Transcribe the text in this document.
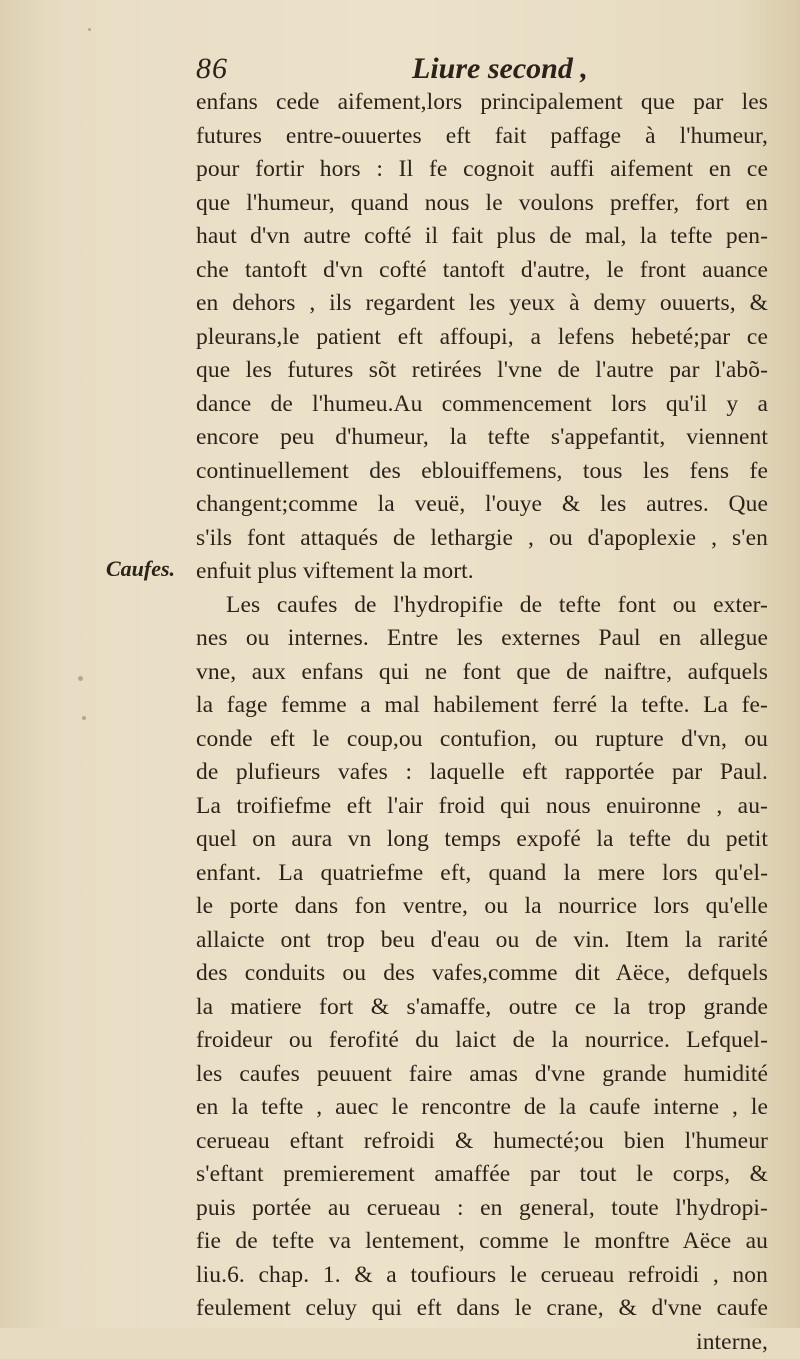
86	Liure second ,
Caufes.
enfans cede aifement,lors principalement que par les
futures entre-ouuertes eft fait paffage à l'humeur,
pour fortir hors : Il fe cognoit auffi aifement en ce
que l'humeur, quand nous le voulons preffer, fort en
haut d'vn autre cofté il fait plus de mal, la tefte pen-
che tantoft d'vn cofté tantoft d'autre, le front auance
en dehors , ils regardent les yeux à demy ouuerts, &
pleurans,le patient eft affoupi, a lefens hebeté;par ce
que les futures sõt retirées l'vne de l'autre par l'abõ-
dance de l'humeu.Au commencement lors qu'il y a
encore peu d'humeur, la tefte s'appefantit, viennent
continuellement des eblouiffemens, tous les fens fe
changent;comme la veuë, l'ouye & les autres. Que
s'ils font attaqués de lethargie , ou d'apoplexie , s'en
enfuit plus viftement la mort.
Les caufes de l'hydropifie de tefte font ou exter-
nes ou internes. Entre les externes Paul en allegue
vne, aux enfans qui ne font que de naiftre, aufquels
la fage femme a mal habilement ferré la tefte. La fe-
conde eft le coup,ou contufion, ou rupture d'vn, ou
de plufieurs vafes : laquelle eft rapportée par Paul.
La troifiefme eft l'air froid qui nous enuironne , au-
quel on aura vn long temps expofé la tefte du petit
enfant. La quatriefme eft, quand la mere lors qu'el-
le porte dans fon ventre, ou la nourrice lors qu'elle
allaicte ont trop beu d'eau ou de vin. Item la rarité
des conduits ou des vafes,comme dit Aëce, defquels
la matiere fort & s'amaffe, outre ce la trop grande
froideur ou ferofité du laict de la nourrice. Lefquel-
les caufes peuuent faire amas d'vne grande humidité
en la tefte , auec le rencontre de la caufe interne , le
cerueau eftant refroidi & humecté;ou bien l'humeur
s'eftant premierement amaffée par tout le corps, &
puis portée au cerueau : en general, toute l'hydropi-
fie de tefte va lentement, comme le monftre Aëce au
liu.6. chap. 1. & a toufiours le cerueau refroidi , non
feulement celuy qui eft dans le crane, & d'vne caufe
interne,
